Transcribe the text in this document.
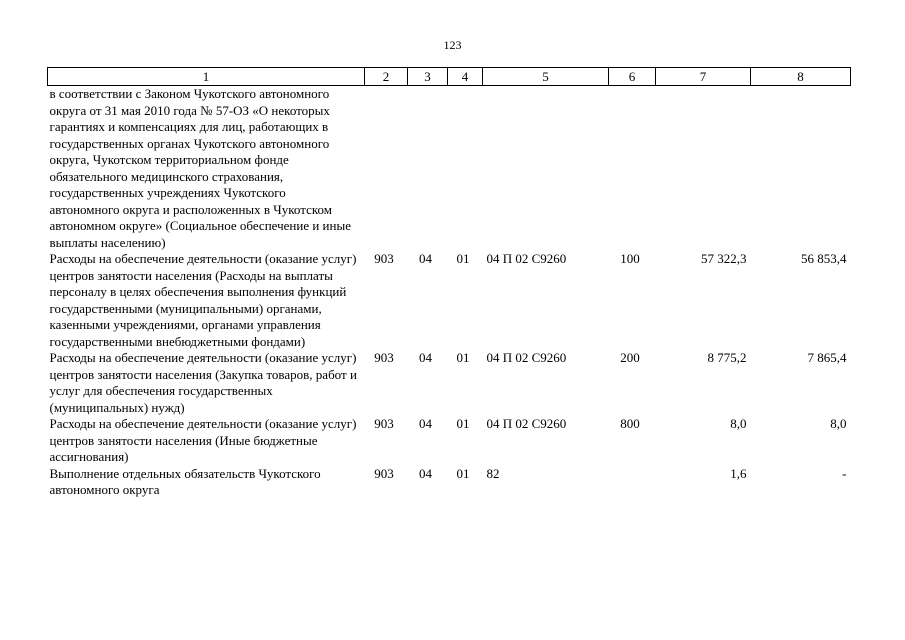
123
1	2	3	4	5	6	7	8
в соответствии с Законом Чукотского автономного округа от 31 мая 2010 года № 57-ОЗ «О некоторых гарантиях и компенсациях для лиц, работающих в государственных органах Чукотского автономного округа, Чукотском территориальном фонде обязательного медицинского страхования, государственных учреждениях Чукотского автономного округа и расположенных в Чукотском автономном округе» (Социальное обеспечение и иные выплаты населению)							
Расходы на обеспечение деятельности (оказание услуг) центров занятости населения (Расходы на выплаты персоналу в целях обеспечения выполнения функций государственными (муниципальными) органами, казенными учреждениями, органами управления государственными внебюджетными фондами)	903	04	01	04 П 02 С9260	100	57 322,3	56 853,4
Расходы на обеспечение деятельности (оказание услуг) центров занятости населения (Закупка товаров, работ и услуг для обеспечения государственных (муниципальных) нужд)	903	04	01	04 П 02 С9260	200	8 775,2	7 865,4
Расходы на обеспечение деятельности (оказание услуг) центров занятости населения (Иные бюджетные ассигнования)	903	04	01	04 П 02 С9260	800	8,0	8,0
Выполнение отдельных обязательств Чукотского автономного округа	903	04	01	82		1,6	-
